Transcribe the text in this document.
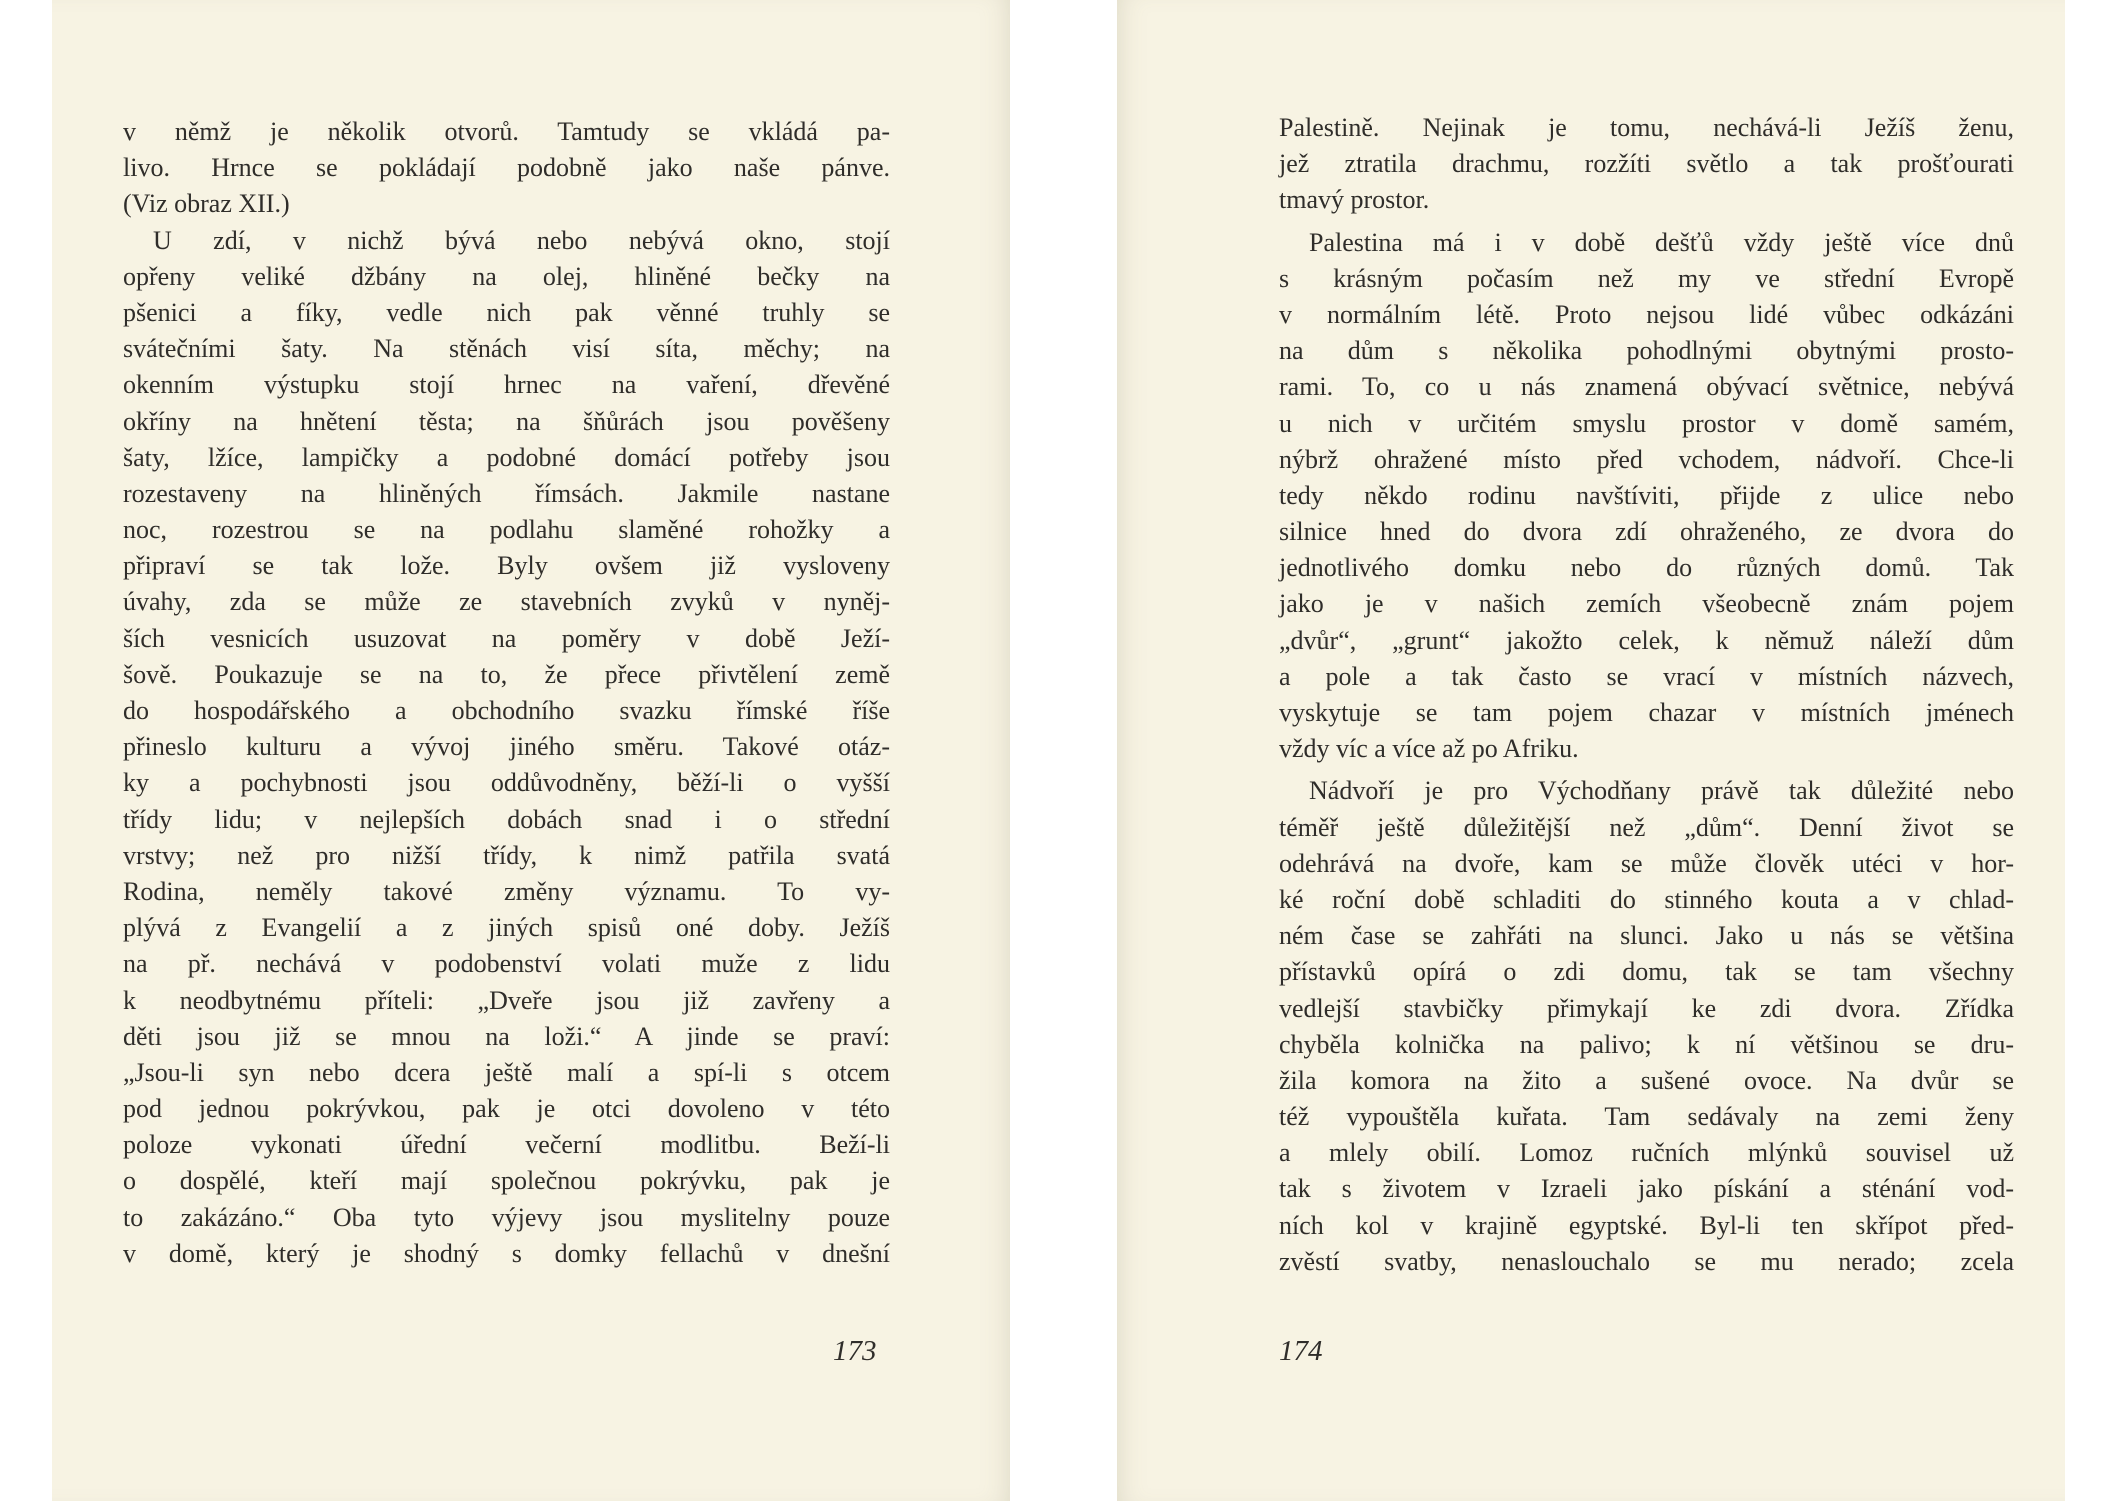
v němž je několik otvorů. Tamtudy se vkládá pa-
livo. Hrnce se pokládají podobně jako naše pánve.
(Viz obraz XII.)
U zdí, v nichž bývá nebo nebývá okno, stojí
opřeny veliké džbány na olej, hliněné bečky na
pšenici a fíky, vedle nich pak věnné truhly se
svátečními šaty. Na stěnách visí síta, měchy; na
okenním výstupku stojí hrnec na vaření, dřevěné
okříny na hnětení těsta; na šňůrách jsou pověšeny
šaty, lžíce, lampičky a podobné domácí potřeby jsou
rozestaveny na hliněných římsách. Jakmile nastane
noc, rozestrou se na podlahu slaměné rohožky a
připraví se tak lože. Byly ovšem již vysloveny
úvahy, zda se může ze stavebních zvyků v nyněj-
ších vesnicích usuzovat na poměry v době Ježí-
šově. Poukazuje se na to, že přece přivtělení země
do hospodářského a obchodního svazku římské říše
přineslo kulturu a vývoj jiného směru. Takové otáz-
ky a pochybnosti jsou oddůvodněny, běží-li o vyšší
třídy lidu; v nejlepších dobách snad i o střední
vrstvy; než pro nižší třídy, k nimž patřila svatá
Rodina, neměly takové změny významu. To vy-
plývá z Evangelií a z jiných spisů oné doby. Ježíš
na př. nechává v podobenství volati muže z lidu
k neodbytnému příteli: „Dveře jsou již zavřeny a
děti jsou již se mnou na loži.“ A jinde se praví:
„Jsou-li syn nebo dcera ještě malí a spí-li s otcem
pod jednou pokrývkou, pak je otci dovoleno v této
poloze vykonati úřední večerní modlitbu. Beží-li
o dospělé, kteří mají společnou pokrývku, pak je
to zakázáno.“ Oba tyto výjevy jsou myslitelny pouze
v domě, který je shodný s domky fellachů v dnešní
173
Palestině. Nejinak je tomu, nechává-li Ježíš ženu,
jež ztratila drachmu, rozžíti světlo a tak prošťourati
tmavý prostor.
Palestina má i v době dešťů vždy ještě více dnů
s krásným počasím než my ve střední Evropě
v normálním létě. Proto nejsou lidé vůbec odkázáni
na dům s několika pohodlnými obytnými prosto-
rami. To, co u nás znamená obývací světnice, nebývá
u nich v určitém smyslu prostor v domě samém,
nýbrž ohražené místo před vchodem, nádvoří. Chce-li
tedy někdo rodinu navštíviti, přijde z ulice nebo
silnice hned do dvora zdí ohraženého, ze dvora do
jednotlivého domku nebo do různých domů. Tak
jako je v našich zemích všeobecně znám pojem
„dvůr“, „grunt“ jakožto celek, k němuž náleží dům
a pole a tak často se vrací v místních názvech,
vyskytuje se tam pojem chazar v místních jménech
vždy víc a více až po Afriku.
Nádvoří je pro Východňany právě tak důležité nebo
téměř ještě důležitější než „dům“. Denní život se
odehrává na dvoře, kam se může člověk utéci v hor-
ké roční době schladiti do stinného kouta a v chlad-
ném čase se zahřáti na slunci. Jako u nás se většina
přístavků opírá o zdi domu, tak se tam všechny
vedlejší stavbičky přimykají ke zdi dvora. Zřídka
chyběla kolnička na palivo; k ní většinou se dru-
žila komora na žito a sušené ovoce. Na dvůr se
též vypouštěla kuřata. Tam sedávaly na zemi ženy
a mlely obilí. Lomoz ručních mlýnků souvisel už
tak s životem v Izraeli jako pískání a sténání vod-
ních kol v krajině egyptské. Byl-li ten skřípot před-
zvěstí svatby, nenaslouchalo se mu nerado; zcela
174
